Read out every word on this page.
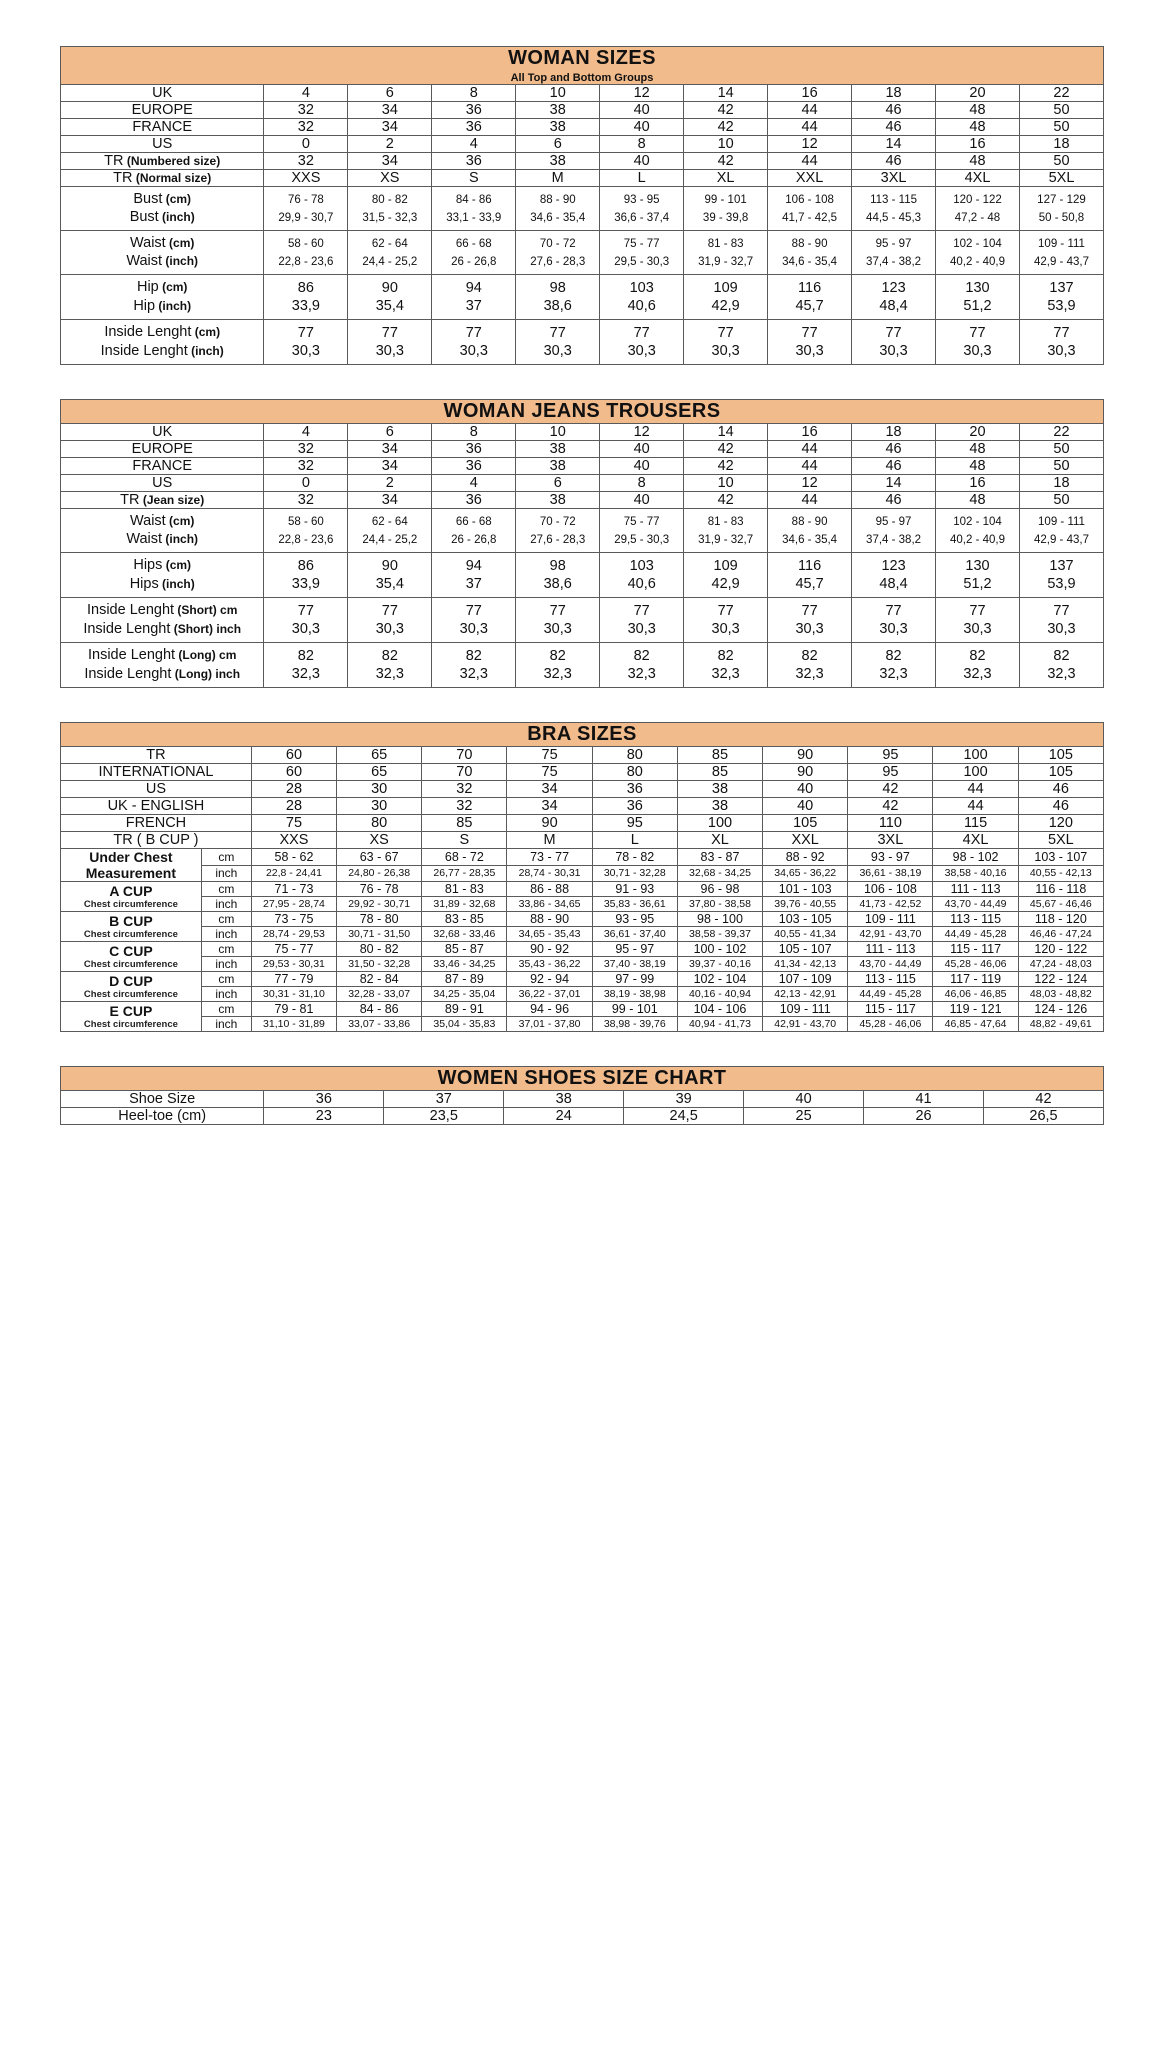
WOMAN SIZES
All Top and Bottom Groups										

UK	4	6	8	10	12	14	16	18	20	22
EUROPE	32	34	36	38	40	42	44	46	48	50
FRANCE	32	34	36	38	40	42	44	46	48	50
US	0	2	4	6	8	10	12	14	16	18
TR (Numbered size)	32	34	36	38	40	42	44	46	48	50
TR (Normal size)	XXS	XS	S	M	L	XL	XXL	3XL	4XL	5XL
Bust (cm)	76 - 78	80 - 82	84 - 86	88 - 90	93 - 95	99 - 101	106 - 108	113 - 115	120 - 122	127 - 129
Bust (inch)	29,9 - 30,7	31,5 - 32,3	33,1 - 33,9	34,6 - 35,4	36,6 - 37,4	39 - 39,8	41,7 - 42,5	44,5 - 45,3	47,2 - 48	50 - 50,8
Waist (cm)	58 - 60	62 - 64	66 - 68	70 - 72	75 - 77	81 - 83	88 - 90	95 - 97	102 - 104	109 - 111
Waist (inch)	22,8 - 23,6	24,4 - 25,2	26 - 26,8	27,6 - 28,3	29,5 - 30,3	31,9 - 32,7	34,6 - 35,4	37,4 - 38,2	40,2 - 40,9	42,9 - 43,7
Hip (cm)	86	90	94	98	103	109	116	123	130	137
Hip (inch)	33,9	35,4	37	38,6	40,6	42,9	45,7	48,4	51,2	53,9
Inside Lenght (cm)	77	77	77	77	77	77	77	77	77	77
Inside Lenght (inch)	30,3	30,3	30,3	30,3	30,3	30,3	30,3	30,3	30,3	30,3
WOMAN JEANS TROUSERS										

UK	4	6	8	10	12	14	16	18	20	22
EUROPE	32	34	36	38	40	42	44	46	48	50
FRANCE	32	34	36	38	40	42	44	46	48	50
US	0	2	4	6	8	10	12	14	16	18
TR (Jean size)	32	34	36	38	40	42	44	46	48	50
Waist (cm)	58 - 60	62 - 64	66 - 68	70 - 72	75 - 77	81 - 83	88 - 90	95 - 97	102 - 104	109 - 111
Waist (inch)	22,8 - 23,6	24,4 - 25,2	26 - 26,8	27,6 - 28,3	29,5 - 30,3	31,9 - 32,7	34,6 - 35,4	37,4 - 38,2	40,2 - 40,9	42,9 - 43,7
Hips (cm)	86	90	94	98	103	109	116	123	130	137
Hips (inch)	33,9	35,4	37	38,6	40,6	42,9	45,7	48,4	51,2	53,9
Inside Lenght (Short) cm	77	77	77	77	77	77	77	77	77	77
Inside Lenght (Short) inch	30,3	30,3	30,3	30,3	30,3	30,3	30,3	30,3	30,3	30,3
Inside Lenght (Long) cm	82	82	82	82	82	82	82	82	82	82
Inside Lenght (Long) inch	32,3	32,3	32,3	32,3	32,3	32,3	32,3	32,3	32,3	32,3
BRA SIZES											

TR		60	65	70	75	80	85	90	95	100	105
INTERNATIONAL		60	65	70	75	80	85	90	95	100	105
US		28	30	32	34	36	38	40	42	44	46
UK - ENGLISH		28	30	32	34	36	38	40	42	44	46
FRENCH		75	80	85	90	95	100	105	110	115	120
TR ( B CUP )		XXS	XS	S	M	L	XL	XXL	3XL	4XL	5XL

Under Chest
Measurement	cm	58 - 62	63 - 67	68 - 72	73 - 77	78 - 82	83 - 87	88 - 92	93 - 97	98 - 102	103 - 107
	inch	22,8 - 24,41	24,80 - 26,38	26,77 - 28,35	28,74 - 30,31	30,71 - 32,28	32,68 - 34,25	34,65 - 36,22	36,61 - 38,19	38,58 - 40,16	40,55 - 42,13

A CUP
Chest circumference	cm	71 - 73	76 - 78	81 - 83	86 - 88	91 - 93	96 - 98	101 - 103	106 - 108	111 - 113	116 - 118
	inch	27,95 - 28,74	29,92 - 30,71	31,89 - 32,68	33,86 - 34,65	35,83 - 36,61	37,80 - 38,58	39,76 - 40,55	41,73 - 42,52	43,70 - 44,49	45,67 - 46,46

B CUP
Chest circumference	cm	73 - 75	78 - 80	83 - 85	88 - 90	93 - 95	98 - 100	103 - 105	109 - 111	113 - 115	118 - 120
	inch	28,74 - 29,53	30,71 - 31,50	32,68 - 33,46	34,65 - 35,43	36,61 - 37,40	38,58 - 39,37	40,55 - 41,34	42,91 - 43,70	44,49 - 45,28	46,46 - 47,24

C CUP
Chest circumference	cm	75 - 77	80 - 82	85 - 87	90 - 92	95 - 97	100 - 102	105 - 107	111 - 113	115 - 117	120 - 122
	inch	29,53 - 30,31	31,50 - 32,28	33,46 - 34,25	35,43 - 36,22	37,40 - 38,19	39,37 - 40,16	41,34 - 42,13	43,70 - 44,49	45,28 - 46,06	47,24 - 48,03

D CUP
Chest circumference	cm	77 - 79	82 - 84	87 - 89	92 - 94	97 - 99	102 - 104	107 - 109	113 - 115	117 - 119	122 - 124
	inch	30,31 - 31,10	32,28 - 33,07	34,25 - 35,04	36,22 - 37,01	38,19 - 38,98	40,16 - 40,94	42,13 - 42,91	44,49 - 45,28	46,06 - 46,85	48,03 - 48,82

E CUP
Chest circumference	cm	79 - 81	84 - 86	89 - 91	94 - 96	99 - 101	104 - 106	109 - 111	115 - 117	119 - 121	124 - 126
	inch	31,10 - 31,89	33,07 - 33,86	35,04 - 35,83	37,01 - 37,80	38,98 - 39,76	40,94 - 41,73	42,91 - 43,70	45,28 - 46,06	46,85 - 47,64	48,82 - 49,61
WOMEN SHOES SIZE CHART							

Shoe Size	36	37	38	39	40	41	42
Heel-toe (cm)	23	23,5	24	24,5	25	26	26,5
